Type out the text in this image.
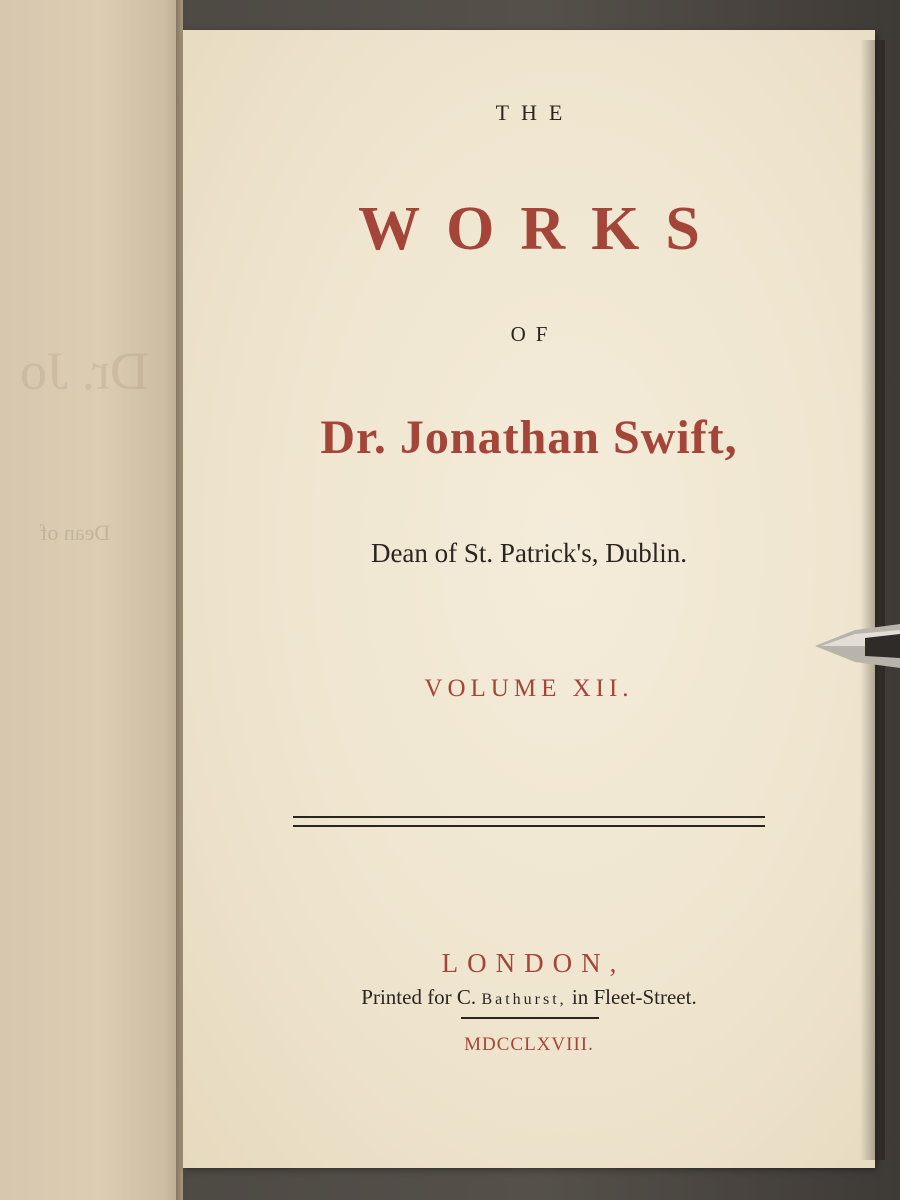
Dr. Jo
Dean of
THE
WORKS
OF
Dr. Jonathan Swift,
Dean of St. Patrick's, Dublin.
VOLUME XII.
LONDON,
Printed for C. Bathurst, in Fleet-Street.
MDCCLXVIII.
